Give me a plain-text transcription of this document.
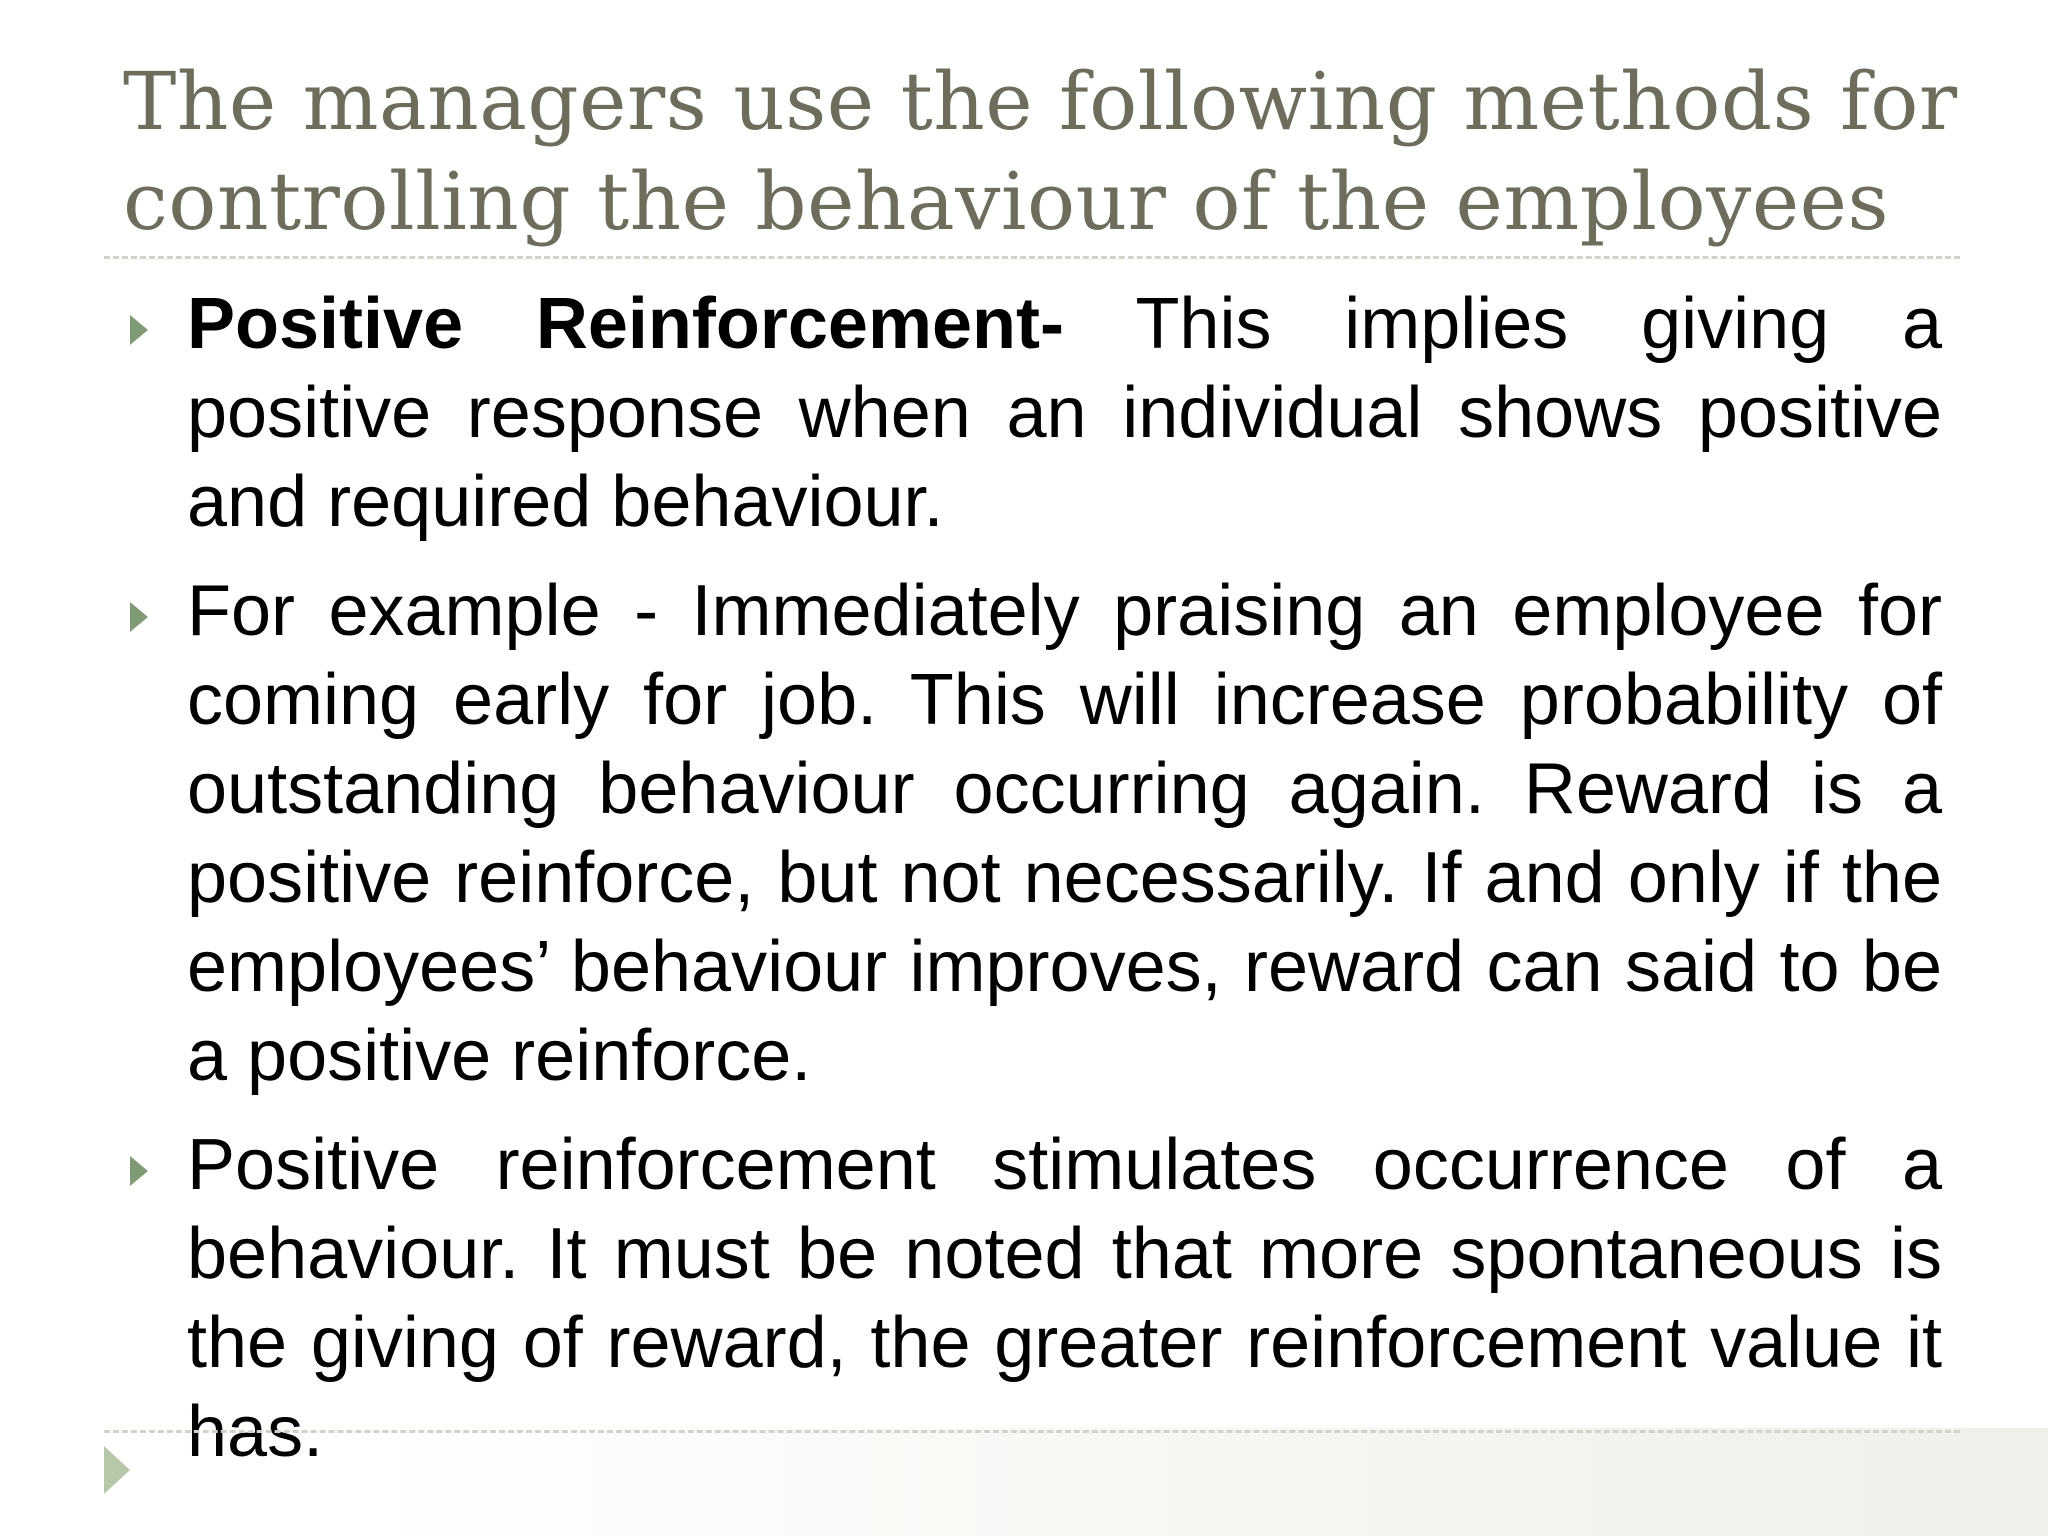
The managers use the following methods for controlling the behaviour of the employees
Positive Reinforcement- This implies giving a positive response when an individual shows positive and required behaviour.
For example - Immediately praising an employee for coming early for job. This will increase probability of outstanding behaviour occurring again. Reward is a positive reinforce, but not necessarily. If and only if the employees’ behaviour improves, reward can said to be a positive reinforce.
Positive reinforcement stimulates occurrence of a behaviour. It must be noted that more spontaneous is the giving of reward, the greater reinforcement value it has.
